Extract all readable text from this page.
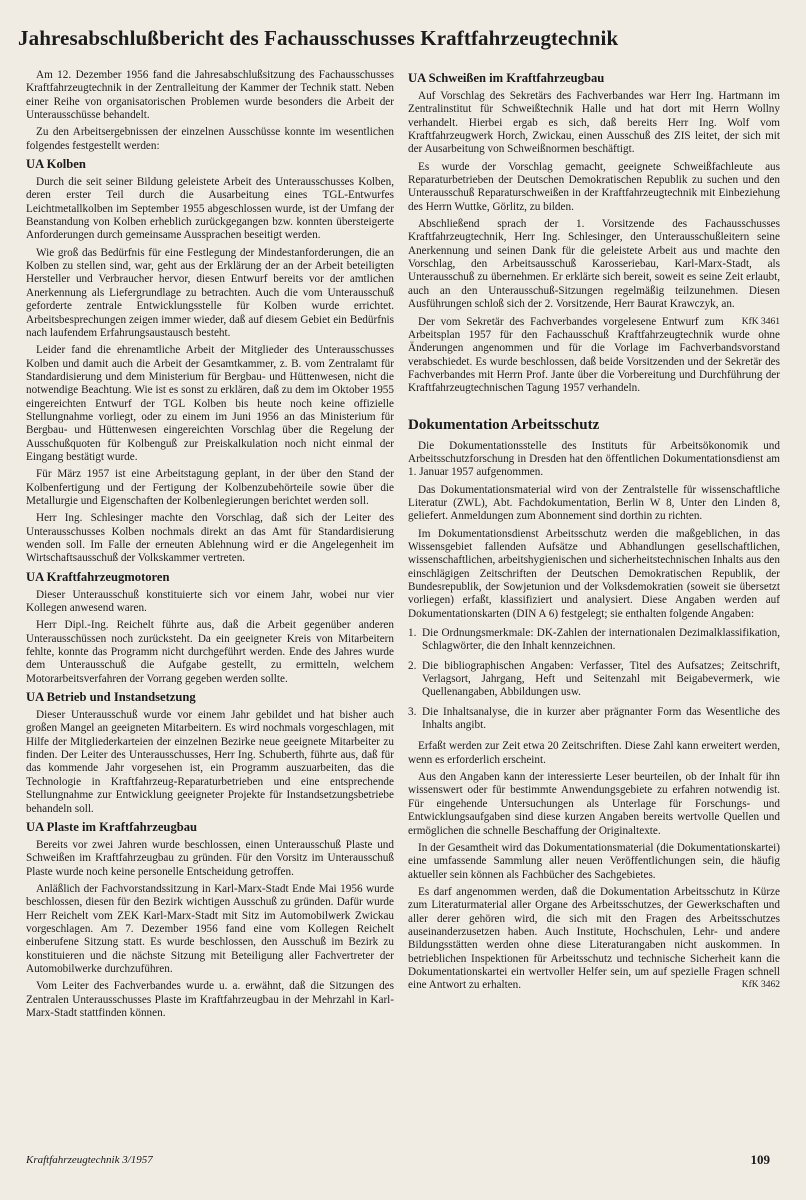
Jahresabschlußbericht des Fachausschusses Kraftfahrzeugtechnik

Am 12. Dezember 1956 fand die Jahresabschlußsitzung des Fachausschusses Kraftfahrzeugtechnik in der Zentralleitung der Kammer der Technik statt. Neben einer Reihe von organisatorischen Problemen wurde besonders die Arbeit der Unterausschüsse behandelt.

Zu den Arbeitsergebnissen der einzelnen Ausschüsse konnte im wesentlichen folgendes festgestellt werden:

UA Kolben

Durch die seit seiner Bildung geleistete Arbeit des Unterausschusses Kolben, deren erster Teil durch die Ausarbeitung eines TGL-Entwurfes Leichtmetallkolben im September 1955 abgeschlossen wurde, ist der Umfang der Beanstandung von Kolben erheblich zurückgegangen bzw. konnten übersteigerte Anforderungen durch gemeinsame Aussprachen beseitigt werden.

Wie groß das Bedürfnis für eine Festlegung der Mindestanforderungen, die an Kolben zu stellen sind, war, geht aus der Erklärung der an der Arbeit beteiligten Hersteller und Verbraucher hervor, diesen Entwurf bereits vor der amtlichen Anerkennung als Liefergrundlage zu betrachten. Auch die vom Unterausschuß geforderte zentrale Entwicklungsstelle für Kolben wurde errichtet. Arbeitsbesprechungen zeigen immer wieder, daß auf diesem Gebiet ein Bedürfnis nach laufendem Erfahrungsaustausch besteht.

Leider fand die ehrenamtliche Arbeit der Mitglieder des Unterausschusses Kolben und damit auch die Arbeit der Gesamtkammer, z. B. vom Zentralamt für Standardisierung und dem Ministerium für Bergbau- und Hüttenwesen, nicht die notwendige Beachtung. Wie ist es sonst zu erklären, daß zu dem im Oktober 1955 eingereichten Entwurf der TGL Kolben bis heute noch keine offizielle Stellungnahme vorliegt, oder zu einem im Juni 1956 an das Ministerium für Bergbau- und Hüttenwesen eingereichten Vorschlag über die Regelung der Ausschußquoten für Kolbenguß zur Preiskalkulation noch nicht einmal der Eingang bestätigt wurde.

Für März 1957 ist eine Arbeitstagung geplant, in der über den Stand der Kolbenfertigung und der Fertigung der Kolbenzubehörteile sowie über die Metallurgie und Eigenschaften der Kolbenlegierungen berichtet werden soll.

Herr Ing. Schlesinger machte den Vorschlag, daß sich der Leiter des Unterausschusses Kolben nochmals direkt an das Amt für Standardisierung wenden soll. Im Falle der erneuten Ablehnung wird er die Angelegenheit im Wirtschaftsausschuß der Volkskammer vertreten.

UA Kraftfahrzeugmotoren

Dieser Unterausschuß konstituierte sich vor einem Jahr, wobei nur vier Kollegen anwesend waren.

Herr Dipl.-Ing. Reichelt führte aus, daß die Arbeit gegenüber anderen Unterausschüssen noch zurücksteht. Da ein geeigneter Kreis von Mitarbeitern fehlte, konnte das Programm nicht durchgeführt werden. Ende des Jahres wurde dem Unterausschuß die Aufgabe gestellt, zu ermitteln, welchem Motorarbeitsverfahren der Vorrang gegeben werden sollte.

UA Betrieb und Instandsetzung

Dieser Unterausschuß wurde vor einem Jahr gebildet und hat bisher auch großen Mangel an geeigneten Mitarbeitern. Es wird nochmals vorgeschlagen, mit Hilfe der Mitgliederkarteien der einzelnen Bezirke neue geeignete Mitarbeiter zu finden. Der Leiter des Unterausschusses, Herr Ing. Schuberth, führte aus, daß für das kommende Jahr vorgesehen ist, ein Programm auszuarbeiten, das die Technologie in Kraftfahrzeug-Reparaturbetrieben und eine entsprechende Stellungnahme zur Entwicklung geeigneter Projekte für Instandsetzungsbetriebe behandeln soll.

UA Plaste im Kraftfahrzeugbau

Bereits vor zwei Jahren wurde beschlossen, einen Unterausschuß Plaste und Schweißen im Kraftfahrzeugbau zu gründen. Für den Vorsitz im Unterausschuß Plaste wurde noch keine personelle Entscheidung getroffen.

Anläßlich der Fachvorstandssitzung in Karl-Marx-Stadt Ende Mai 1956 wurde beschlossen, diesen für den Bezirk wichtigen Ausschuß zu gründen. Dafür wurde Herr Reichelt vom ZEK Karl-Marx-Stadt mit Sitz im Automobilwerk Zwickau vorgeschlagen. Am 7. Dezember 1956 fand eine vom Kollegen Reichelt einberufene Sitzung statt. Es wurde beschlossen, den Ausschuß im Bezirk zu konstituieren und die nächste Sitzung mit Beteiligung aller Fachvertreter der Automobilwerke durchzuführen.

Vom Leiter des Fachverbandes wurde u. a. erwähnt, daß die Sitzungen des Zentralen Unterausschusses Plaste im Kraftfahrzeugbau in der Mehrzahl in Karl-Marx-Stadt stattfinden können.

UA Schweißen im Kraftfahrzeugbau

Auf Vorschlag des Sekretärs des Fachverbandes war Herr Ing. Hartmann im Zentralinstitut für Schweißtechnik Halle und hat dort mit Herrn Wollny verhandelt. Hierbei ergab es sich, daß bereits Herr Ing. Wolf vom Kraftfahrzeugwerk Horch, Zwickau, einen Ausschuß des ZIS leitet, der sich mit der Ausarbeitung von Schweißnormen beschäftigt.

Es wurde der Vorschlag gemacht, geeignete Schweißfachleute aus Reparaturbetrieben der Deutschen Demokratischen Republik zu suchen und den Unterausschuß Reparaturschweißen in der Kraftfahrzeugtechnik mit Einbeziehung des Herrn Wuttke, Görlitz, zu bilden.

Abschließend sprach der 1. Vorsitzende des Fachausschusses Kraftfahrzeugtechnik, Herr Ing. Schlesinger, den Unterausschußleitern seine Anerkennung und seinen Dank für die geleistete Arbeit aus und machte den Vorschlag, den Arbeitsausschuß Karosseriebau, Karl-Marx-Stadt, als Unterausschuß zu übernehmen. Er erklärte sich bereit, soweit es seine Zeit erlaubt, auch an den Unterausschuß-Sitzungen regelmäßig teilzunehmen. Diesen Ausführungen schloß sich der 2. Vorsitzende, Herr Baurat Krawczyk, an.

KfK 3461
Der vom Sekretär des Fachverbandes vorgelesene Entwurf zum Arbeitsplan 1957 für den Fachausschuß Kraftfahrzeugtechnik wurde ohne Änderungen angenommen und für die Vorlage im Fachverbandsvorstand verabschiedet. Es wurde beschlossen, daß beide Vorsitzenden und der Sekretär des Fachverbandes mit Herrn Prof. Jante über die Vorbereitung und Durchführung der Kraftfahrzeugtechnischen Tagung 1957 verhandeln.

Dokumentation Arbeitsschutz

Die Dokumentationsstelle des Instituts für Arbeitsökonomik und Arbeitsschutzforschung in Dresden hat den öffentlichen Dokumentationsdienst am 1. Januar 1957 aufgenommen.

Das Dokumentationsmaterial wird von der Zentralstelle für wissenschaftliche Literatur (ZWL), Abt. Fachdokumentation, Berlin W 8, Unter den Linden 8, geliefert. Anmeldungen zum Abonnement sind dorthin zu richten.

Im Dokumentationsdienst Arbeitsschutz werden die maßgeblichen, in das Wissensgebiet fallenden Aufsätze und Abhandlungen gesellschaftlichen, wissenschaftlichen, arbeitshygienischen und sicherheitstechnischen Inhalts aus den einschlägigen Zeitschriften der Deutschen Demokratischen Republik, der Bundesrepublik, der Sowjetunion und der Volksdemokratien (soweit sie übersetzt vorliegen) erfaßt, klassifiziert und analysiert. Diese Angaben werden auf Dokumentationskarten (DIN A 6) festgelegt; sie enthalten folgende Angaben:

1. Die Ordnungsmerkmale: DK-Zahlen der internationalen Dezimalklassifikation, Schlagwörter, die den Inhalt kennzeichnen.
2. Die bibliographischen Angaben: Verfasser, Titel des Aufsatzes; Zeitschrift, Verlagsort, Jahrgang, Heft und Seitenzahl mit Beigabevermerk, wie Quellenangaben, Abbildungen usw.
3. Die Inhaltsanalyse, die in kurzer aber prägnanter Form das Wesentliche des Inhalts angibt.

Erfaßt werden zur Zeit etwa 20 Zeitschriften. Diese Zahl kann erweitert werden, wenn es erforderlich erscheint.

Aus den Angaben kann der interessierte Leser beurteilen, ob der Inhalt für ihn wissenswert oder für bestimmte Anwendungsgebiete zu erfahren notwendig ist. Für eingehende Untersuchungen als Unterlage für Forschungs- und Entwicklungsaufgaben sind diese kurzen Angaben bereits wertvolle Quellen und ermöglichen die schnelle Beschaffung der Originaltexte.

In der Gesamtheit wird das Dokumentationsmaterial (die Dokumentationskartei) eine umfassende Sammlung aller neuen Veröffentlichungen sein, die häufig aktueller sein können als Fachbücher des Sachgebietes.

Es darf angenommen werden, daß die Dokumentation Arbeitsschutz in Kürze zum Literaturmaterial aller Organe des Arbeitsschutzes, der Gewerkschaften und aller derer gehören wird, die sich mit den Fragen des Arbeitsschutzes auseinanderzusetzen haben. Auch Institute, Hochschulen, Lehr- und andere Bildungsstätten werden ohne diese Literaturangaben nicht auskommen. In betrieblichen Inspektionen für Arbeitsschutz und technische Sicherheit kann die Dokumentationskartei ein wertvoller Helfer sein, um auf spezielle Fragen schnell eine Antwort zu erhalten.	KfK 3462

Kraftfahrzeugtechnik 3/1957	109
